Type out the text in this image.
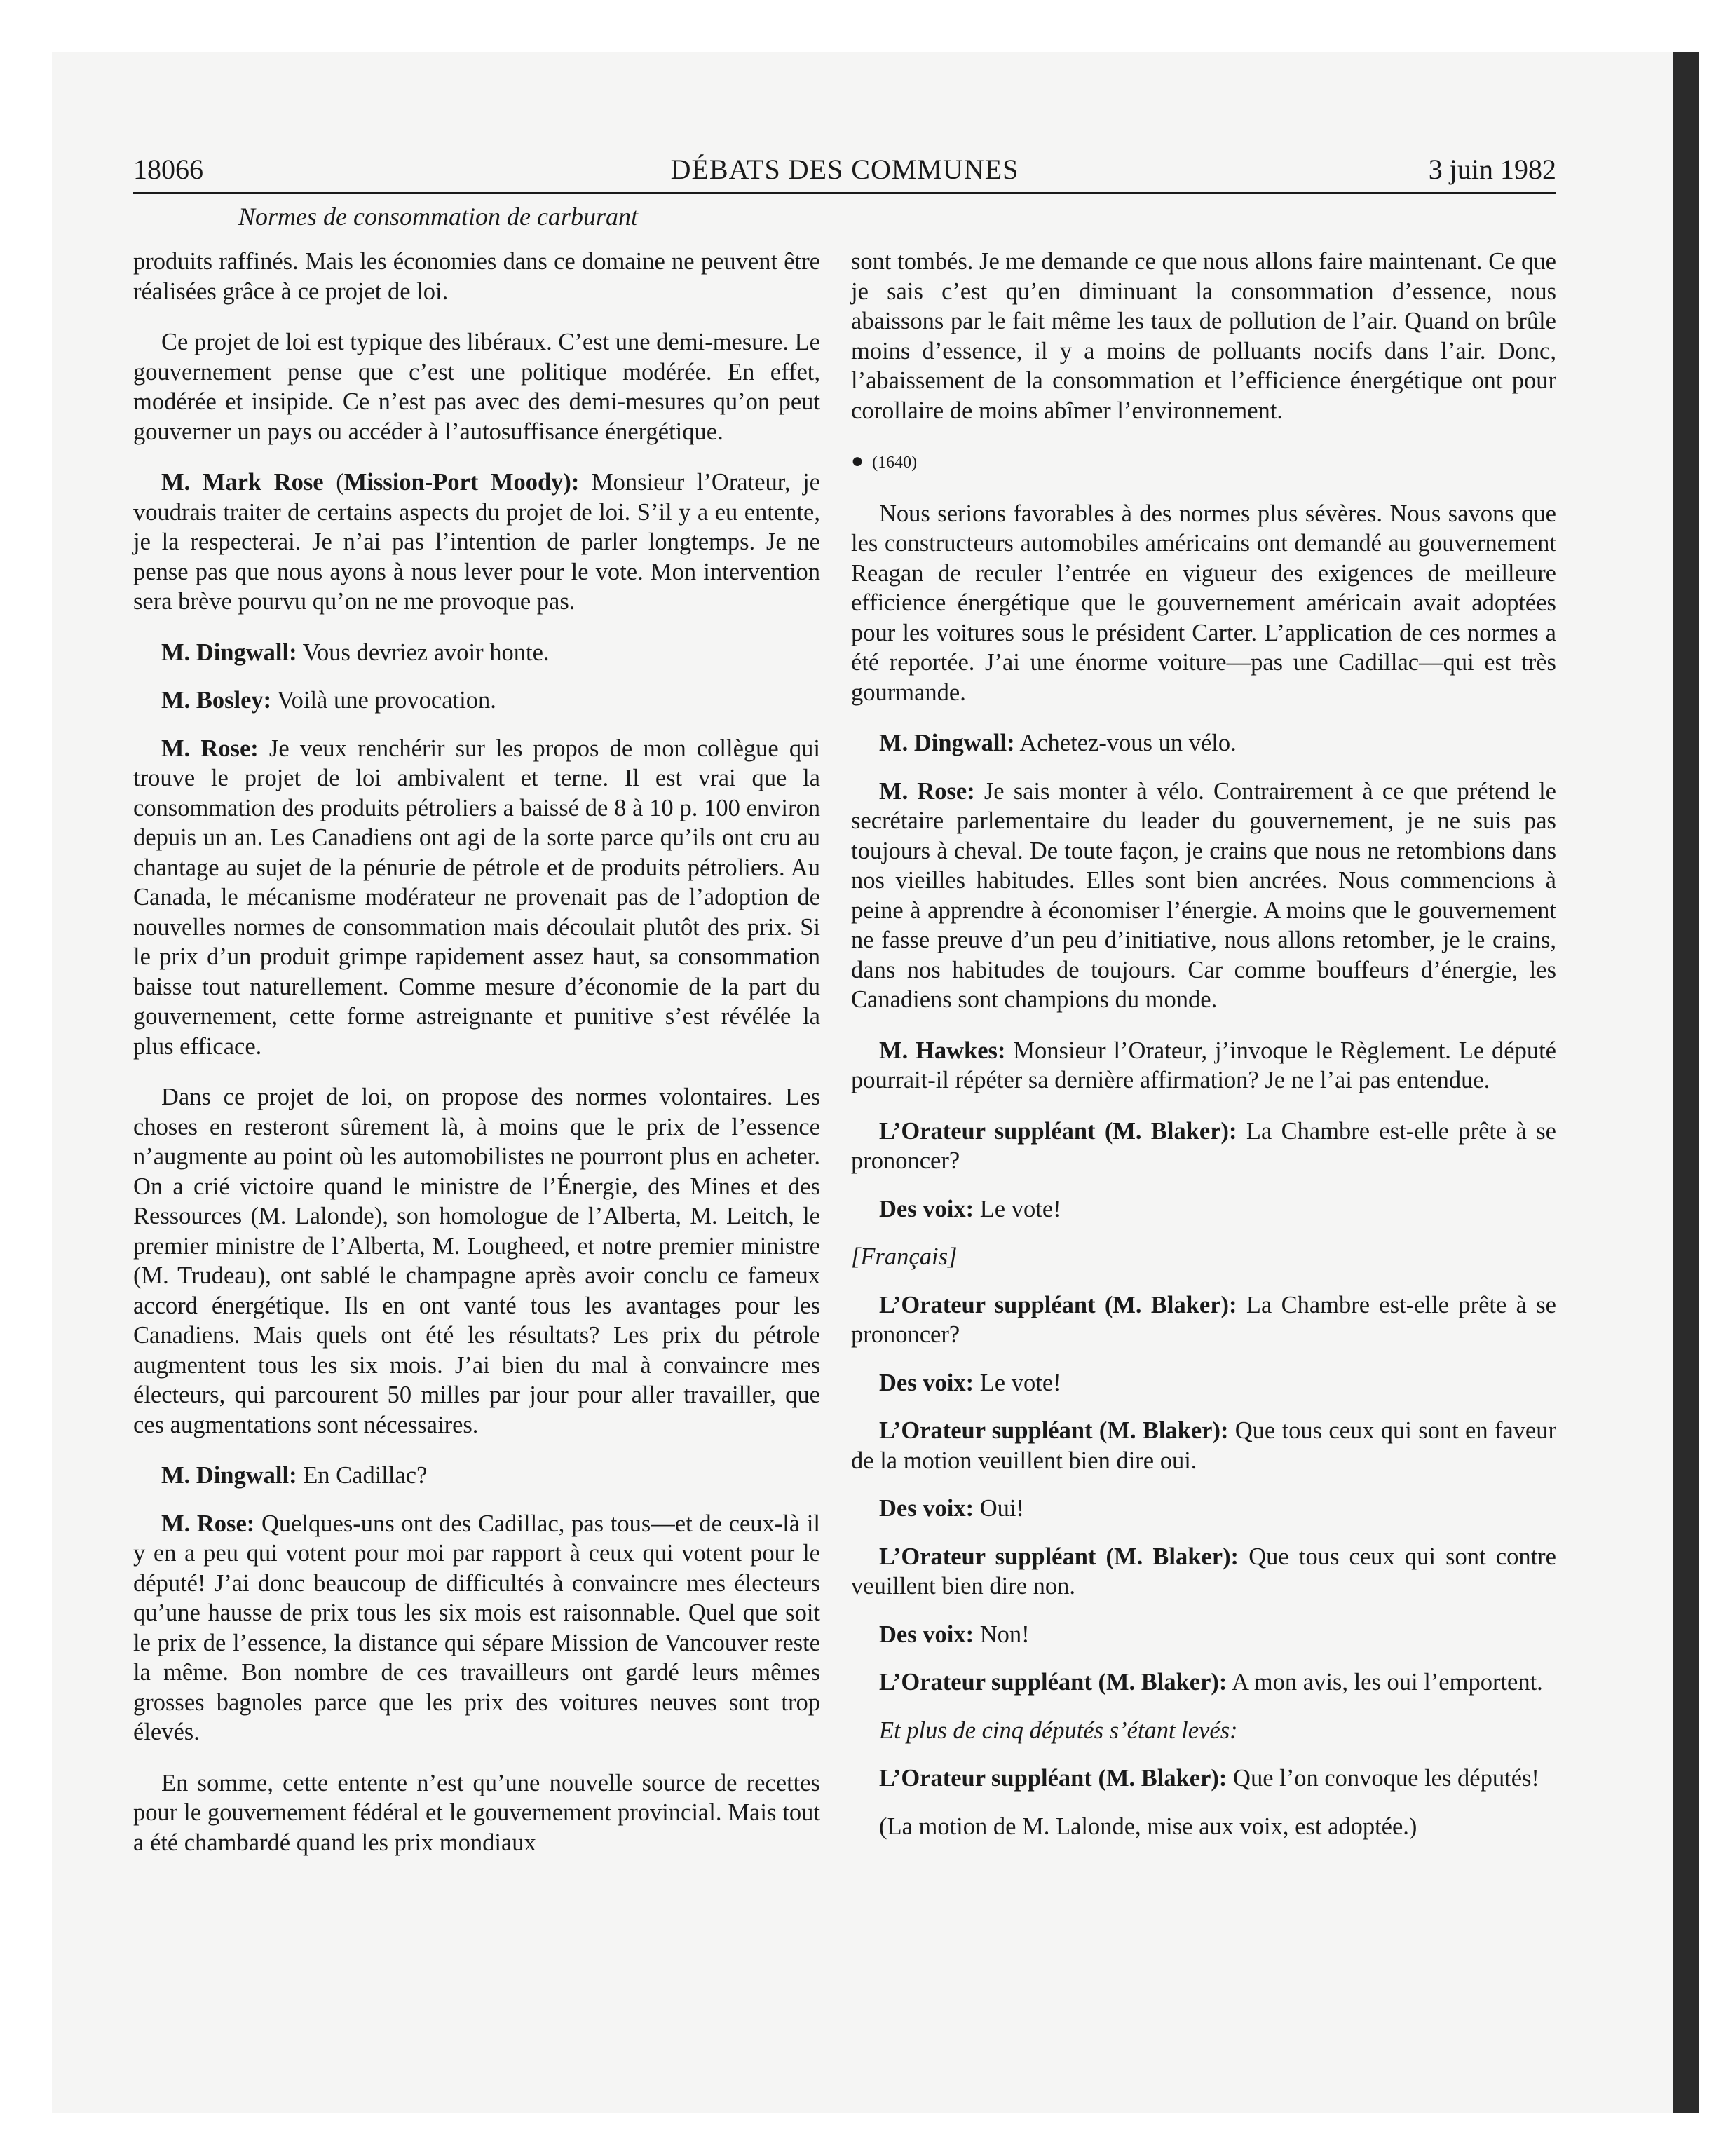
18066	DÉBATS DES COMMUNES	3 juin 1982
Normes de consommation de carburant

produits raffinés. Mais les économies dans ce domaine ne peuvent être réalisées grâce à ce projet de loi.

Ce projet de loi est typique des libéraux. C’est une demi-mesure. Le gouvernement pense que c’est une politique modérée. En effet, modérée et insipide. Ce n’est pas avec des demi-mesures qu’on peut gouverner un pays ou accéder à l’autosuffisance énergétique.

M. Mark Rose (Mission-Port Moody): Monsieur l’Orateur, je voudrais traiter de certains aspects du projet de loi. S’il y a eu entente, je la respecterai. Je n’ai pas l’intention de parler longtemps. Je ne pense pas que nous ayons à nous lever pour le vote. Mon intervention sera brève pourvu qu’on ne me provoque pas.

M. Dingwall: Vous devriez avoir honte.

M. Bosley: Voilà une provocation.

M. Rose: Je veux renchérir sur les propos de mon collègue qui trouve le projet de loi ambivalent et terne. Il est vrai que la consommation des produits pétroliers a baissé de 8 à 10 p. 100 environ depuis un an. Les Canadiens ont agi de la sorte parce qu’ils ont cru au chantage au sujet de la pénurie de pétrole et de produits pétroliers. Au Canada, le mécanisme modérateur ne provenait pas de l’adoption de nouvelles normes de consommation mais découlait plutôt des prix. Si le prix d’un produit grimpe rapidement assez haut, sa consommation baisse tout naturellement. Comme mesure d’économie de la part du gouvernement, cette forme astreignante et punitive s’est révélée la plus efficace.

Dans ce projet de loi, on propose des normes volontaires. Les choses en resteront sûrement là, à moins que le prix de l’essence n’augmente au point où les automobilistes ne pourront plus en acheter. On a crié victoire quand le ministre de l’Énergie, des Mines et des Ressources (M. Lalonde), son homologue de l’Alberta, M. Leitch, le premier ministre de l’Alberta, M. Lougheed, et notre premier ministre (M. Trudeau), ont sablé le champagne après avoir conclu ce fameux accord énergétique. Ils en ont vanté tous les avantages pour les Canadiens. Mais quels ont été les résultats? Les prix du pétrole augmentent tous les six mois. J’ai bien du mal à convaincre mes électeurs, qui parcourent 50 milles par jour pour aller travailler, que ces augmentations sont nécessaires.

M. Dingwall: En Cadillac?

M. Rose: Quelques-uns ont des Cadillac, pas tous—et de ceux-là il y en a peu qui votent pour moi par rapport à ceux qui votent pour le député! J’ai donc beaucoup de difficultés à convaincre mes électeurs qu’une hausse de prix tous les six mois est raisonnable. Quel que soit le prix de l’essence, la distance qui sépare Mission de Vancouver reste la même. Bon nombre de ces travailleurs ont gardé leurs mêmes grosses bagnoles parce que les prix des voitures neuves sont trop élevés.

En somme, cette entente n’est qu’une nouvelle source de recettes pour le gouvernement fédéral et le gouvernement provincial. Mais tout a été chambardé quand les prix mondiaux

sont tombés. Je me demande ce que nous allons faire maintenant. Ce que je sais c’est qu’en diminuant la consommation d’essence, nous abaissons par le fait même les taux de pollution de l’air. Quand on brûle moins d’essence, il y a moins de polluants nocifs dans l’air. Donc, l’abaissement de la consommation et l’efficience énergétique ont pour corollaire de moins abîmer l’environnement.

● (1640)

Nous serions favorables à des normes plus sévères. Nous savons que les constructeurs automobiles américains ont demandé au gouvernement Reagan de reculer l’entrée en vigueur des exigences de meilleure efficience énergétique que le gouvernement américain avait adoptées pour les voitures sous le président Carter. L’application de ces normes a été reportée. J’ai une énorme voiture—pas une Cadillac—qui est très gourmande.

M. Dingwall: Achetez-vous un vélo.

M. Rose: Je sais monter à vélo. Contrairement à ce que prétend le secrétaire parlementaire du leader du gouvernement, je ne suis pas toujours à cheval. De toute façon, je crains que nous ne retombions dans nos vieilles habitudes. Elles sont bien ancrées. Nous commencions à peine à apprendre à économiser l’énergie. A moins que le gouvernement ne fasse preuve d’un peu d’initiative, nous allons retomber, je le crains, dans nos habitudes de toujours. Car comme bouffeurs d’énergie, les Canadiens sont champions du monde.

M. Hawkes: Monsieur l’Orateur, j’invoque le Règlement. Le député pourrait-il répéter sa dernière affirmation? Je ne l’ai pas entendue.

L’Orateur suppléant (M. Blaker): La Chambre est-elle prête à se prononcer?

Des voix: Le vote!

[Français]

L’Orateur suppléant (M. Blaker): La Chambre est-elle prête à se prononcer?

Des voix: Le vote!

L’Orateur suppléant (M. Blaker): Que tous ceux qui sont en faveur de la motion veuillent bien dire oui.

Des voix: Oui!

L’Orateur suppléant (M. Blaker): Que tous ceux qui sont contre veuillent bien dire non.

Des voix: Non!

L’Orateur suppléant (M. Blaker): A mon avis, les oui l’emportent.

Et plus de cinq députés s’étant levés:

L’Orateur suppléant (M. Blaker): Que l’on convoque les députés!

(La motion de M. Lalonde, mise aux voix, est adoptée.)
